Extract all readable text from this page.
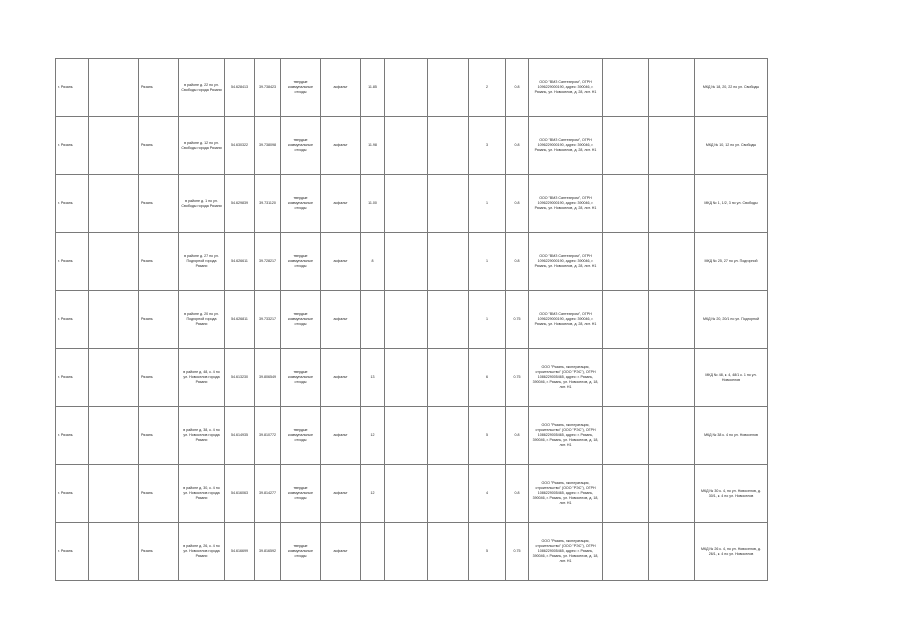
г. Рязань		Рязань	в районе д. 22 по ул. Свободы города Рязани	54.628413	39.738423	твердые коммунальные отходы	асфальт	11.85			2	0.8	ООО "ВМЗ Сантехпром", ОГРН 1096229000190, адрес: 390046, г. Рязань, ул. Новоселов, д. 28, лит. Н1			МКД № 18, 20, 22 по ул. Свободы
г. Рязань		Рязань	в районе д. 12 по ул. Свободы города Рязани	54.630322	39.738098	твердые коммунальные отходы	асфальт	11.98			3	0.8	ООО "ВМЗ Сантехпром", ОГРН 1096229000190, адрес: 390046, г. Рязань, ул. Новоселов, д. 28, лит. Н1			МКД № 10, 12 по ул. Свободы
г. Рязань		Рязань	в районе д. 1 по ул. Свободы города Рязани	54.629839	39.731120	твердые коммунальные отходы	асфальт	11.00			1	0.8	ООО "ВМЗ Сантехпром", ОГРН 1096229000190, адрес: 390046, г. Рязань, ул. Новоселов, д. 28, лит. Н1			МКД № 1, 1/2, 3 по ул. Свободы
г. Рязань		Рязань	в районе д. 27 по ул. Подгорной города Рязани	54.626611	39.728217	твердые коммунальные отходы	асфальт	8			1	0.8	ООО "ВМЗ Сантехпром", ОГРН 1096229000190, адрес: 390046, г. Рязань, ул. Новоселов, д. 28, лит. Н1			МКД № 25, 27 по ул. Подгорной
г. Рязань		Рязань	в районе д. 20 по ул. Подгорной города Рязани	54.626811	39.733217	твердые коммунальные отходы	асфальт				1	0.75	ООО "ВМЗ Сантехпром", ОГРН 1096229000190, адрес: 390046, г. Рязань, ул. Новоселов, д. 28, лит. Н1			МКД № 20, 20/1 по ул. Подгорной
г. Рязань		Рязань	в районе д. 48, к. 4 по ул. Новоселов города Рязани	54.613230	39.806549	твердые коммунальные отходы	асфальт	13			6	0.75	ООО "Рязань, эксплуатация, строительство" (ООО "РЭС"), ОГРН 1086229005465, адрес: г. Рязань, 390046, г. Рязань, ул. Новоселов, д. 18, лит. Н1			МКД № 48, к. 4, 48/1 к. 1 по ул. Новоселов
г. Рязань		Рязань	в районе д. 38, к. 4 по ул. Новоселов города Рязани	54.614935	39.810772	твердые коммунальные отходы	асфальт	12			5	0.8	ООО "Рязань, эксплуатация, строительство" (ООО "РЭС"), ОГРН 1086229005465, адрес: г. Рязань, 390046, г. Рязань, ул. Новоселов, д. 18, лит. Н1			МКД № 38 к. 4 по ул. Новоселов
г. Рязань		Рязань	в районе д. 30, к. 4 по ул. Новоселов города Рязани	54.616063	39.814277	твердые коммунальные отходы	асфальт	12			4	0.8	ООО "Рязань, эксплуатация, строительство" (ООО "РЭС"), ОГРН 1086229005465, адрес: г. Рязань, 390046, г. Рязань, ул. Новоселов, д. 18, лит. Н1			МКД № 30 к. 4, по ул. Новоселов, д. 30/1, к. 4 по ул. Новоселов
г. Рязань		Рязань	в районе д. 26, к. 4 по ул. Новоселов города Рязани	54.616699	39.816592	твердые коммунальные отходы	асфальт				5	0.75	ООО "Рязань, эксплуатация, строительство" (ООО "РЭС"), ОГРН 1086229005465, адрес: г. Рязань, 390046, г. Рязань, ул. Новоселов, д. 18, лит. Н1			МКД № 26 к. 4, по ул. Новоселов, д. 26/1, к. 4 по ул. Новоселов
